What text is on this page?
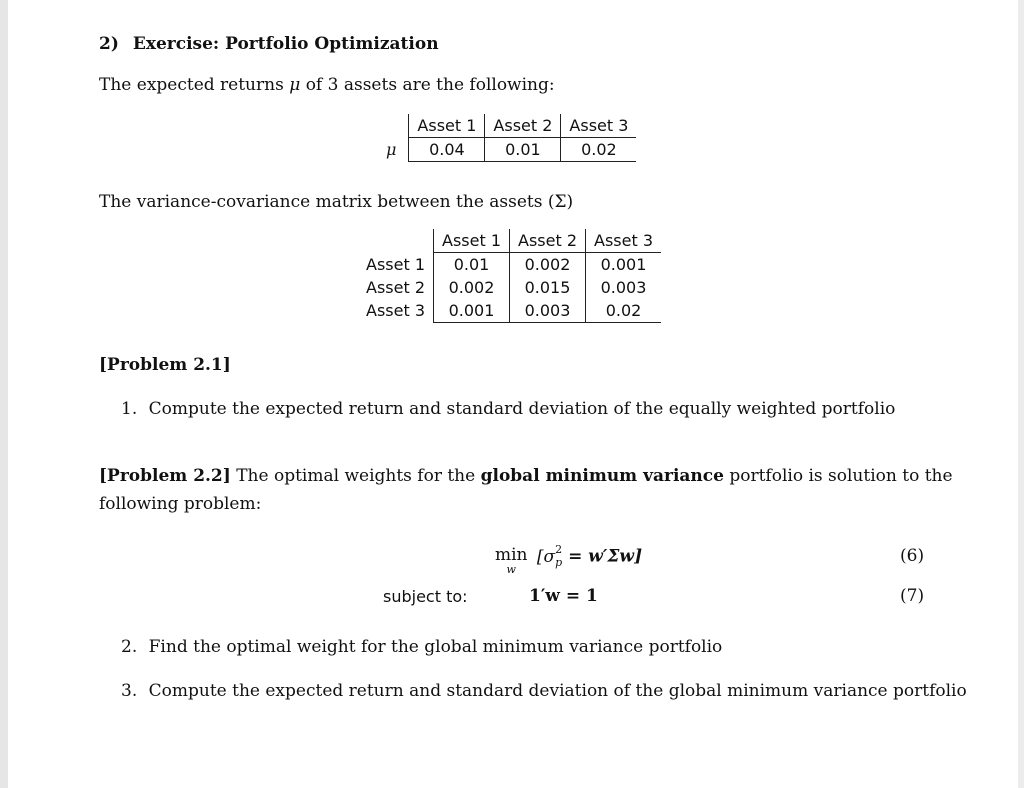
2) Exercise: Portfolio Optimization
The expected returns μ of 3 assets are the following:
	Asset 1	Asset 2	Asset 3
μ	0.04	0.01	0.02
The variance-covariance matrix between the assets (Σ)
	Asset 1	Asset 2	Asset 3
Asset 1	0.01	0.002	0.001
Asset 2	0.002	0.015	0.003
Asset 3	0.001	0.003	0.02
[Problem 2.1]
1. Compute the expected return and standard deviation of the equally weighted portfolio
[Problem 2.2] The optimal weights for the global minimum variance portfolio is solution to the
following problem:
min
w
$[\sigma^2_p = w'\Sigma w]$	(6)
subject to:	1′w = 1	(7)
2. Find the optimal weight for the global minimum variance portfolio
3. Compute the expected return and standard deviation of the global minimum variance portfolio
